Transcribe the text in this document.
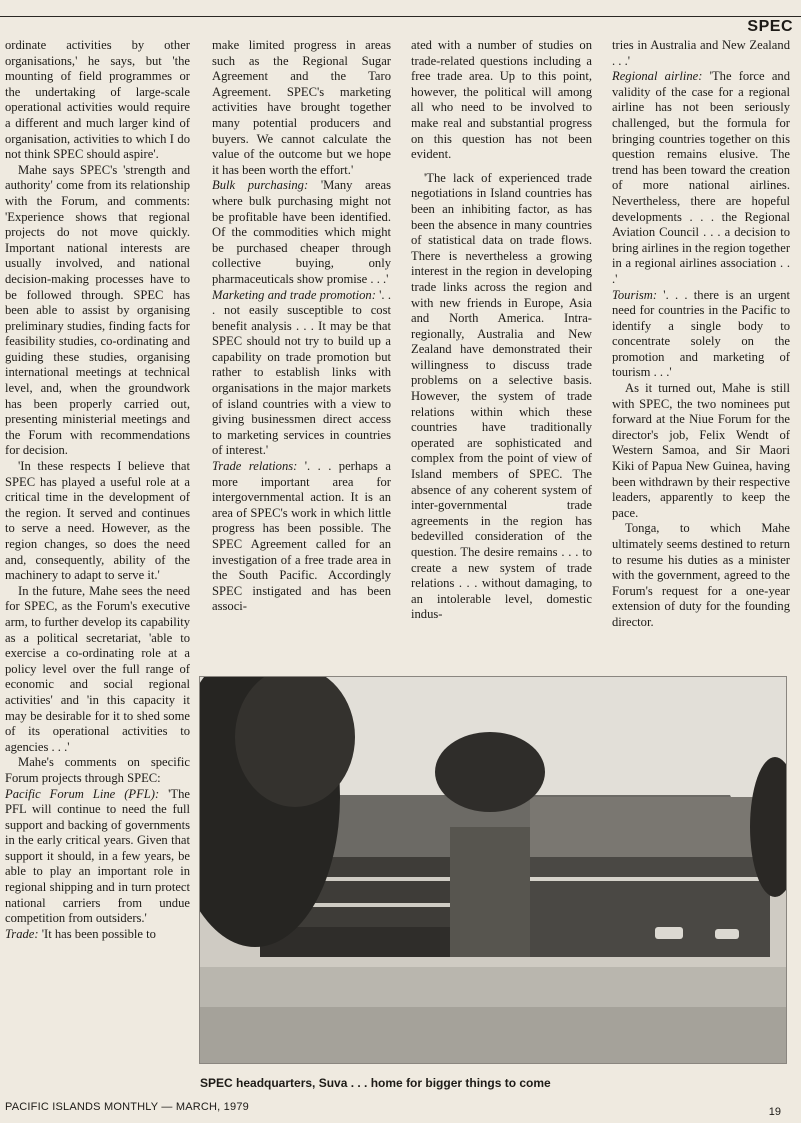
SPEC

ordinate activities by other organisations,' he says, but 'the mounting of field programmes or the undertaking of large-scale operational activities would require a different and much larger kind of organisation, activities to which I do not think SPEC should aspire'.

Mahe says SPEC's 'strength and authority' come from its relationship with the Forum, and comments: 'Experience shows that regional projects do not move quickly. Important national interests are usually involved, and national decision-making processes have to be followed through. SPEC has been able to assist by organising preliminary studies, finding facts for feasibility studies, co-ordinating and guiding these studies, organising international meetings at technical level, and, when the groundwork has been properly carried out, presenting ministerial meetings and the Forum with recommendations for decision.

'In these respects I believe that SPEC has played a useful role at a critical time in the development of the region. It served and continues to serve a need. However, as the region changes, so does the need and, consequently, ability of the machinery to adapt to serve it.'

In the future, Mahe sees the need for SPEC, as the Forum's executive arm, to further develop its capability as a political secretariat, 'able to exercise a co-ordinating role at a policy level over the full range of economic and social regional activities' and 'in this capacity it may be desirable for it to shed some of its operational activities to agencies . . .'

Mahe's comments on specific Forum projects through SPEC:

Pacific Forum Line (PFL): 'The PFL will continue to need the full support and backing of governments in the early critical years. Given that support it should, in a few years, be able to play an important role in regional shipping and in turn protect national carriers from undue competition from outsiders.'

Trade: 'It has been possible to

make limited progress in areas such as the Regional Sugar Agreement and the Taro Agreement. SPEC's marketing activities have brought together many potential producers and buyers. We cannot calculate the value of the outcome but we hope it has been worth the effort.'

Bulk purchasing: 'Many areas where bulk purchasing might not be profitable have been identified. Of the commodities which might be purchased cheaper through collective buying, only pharmaceuticals show promise . . .'

Marketing and trade promotion: '. . . not easily susceptible to cost benefit analysis . . . It may be that SPEC should not try to build up a capability on trade promotion but rather to establish links with organisations in the major markets of island countries with a view to giving businessmen direct access to marketing services in countries of interest.'

Trade relations: '. . . perhaps a more important area for intergovernmental action. It is an area of SPEC's work in which little progress has been possible. The SPEC Agreement called for an investigation of a free trade area in the South Pacific. Accordingly SPEC instigated and has been associ-

ated with a number of studies on trade-related questions including a free trade area. Up to this point, however, the political will among all who need to be involved to make real and substantial progress on this question has not been evident.

'The lack of experienced trade negotiations in Island countries has been an inhibiting factor, as has been the absence in many countries of statistical data on trade flows. There is nevertheless a growing interest in the region in developing trade links across the region and with new friends in Europe, Asia and North America. Intra-regionally, Australia and New Zealand have demonstrated their willingness to discuss trade problems on a selective basis. However, the system of trade relations within which these countries have traditionally operated are sophisticated and complex from the point of view of Island members of SPEC. The absence of any coherent system of inter-governmental trade agreements in the region has bedevilled consideration of the question. The desire remains . . . to create a new system of trade relations . . . without damaging, to an intolerable level, domestic indus-

tries in Australia and New Zealand . . .'

Regional airline: 'The force and validity of the case for a regional airline has not been seriously challenged, but the formula for bringing countries together on this question remains elusive. The trend has been toward the creation of more national airlines. Nevertheless, there are hopeful developments . . . the Regional Aviation Council . . . a decision to bring airlines in the region together in a regional airlines association . . .'

Tourism: '. . . there is an urgent need for countries in the Pacific to identify a single body to concentrate solely on the promotion and marketing of tourism . . .'

As it turned out, Mahe is still with SPEC, the two nominees put forward at the Niue Forum for the director's job, Felix Wendt of Western Samoa, and Sir Maori Kiki of Papua New Guinea, having been withdrawn by their respective leaders, apparently to keep the pace.

Tonga, to which Mahe ultimately seems destined to return to resume his duties as a minister with the government, agreed to the Forum's request for a one-year extension of duty for the founding director.

SPEC headquarters, Suva . . . home for bigger things to come
PACIFIC ISLANDS MONTHLY — MARCH, 1979	19
